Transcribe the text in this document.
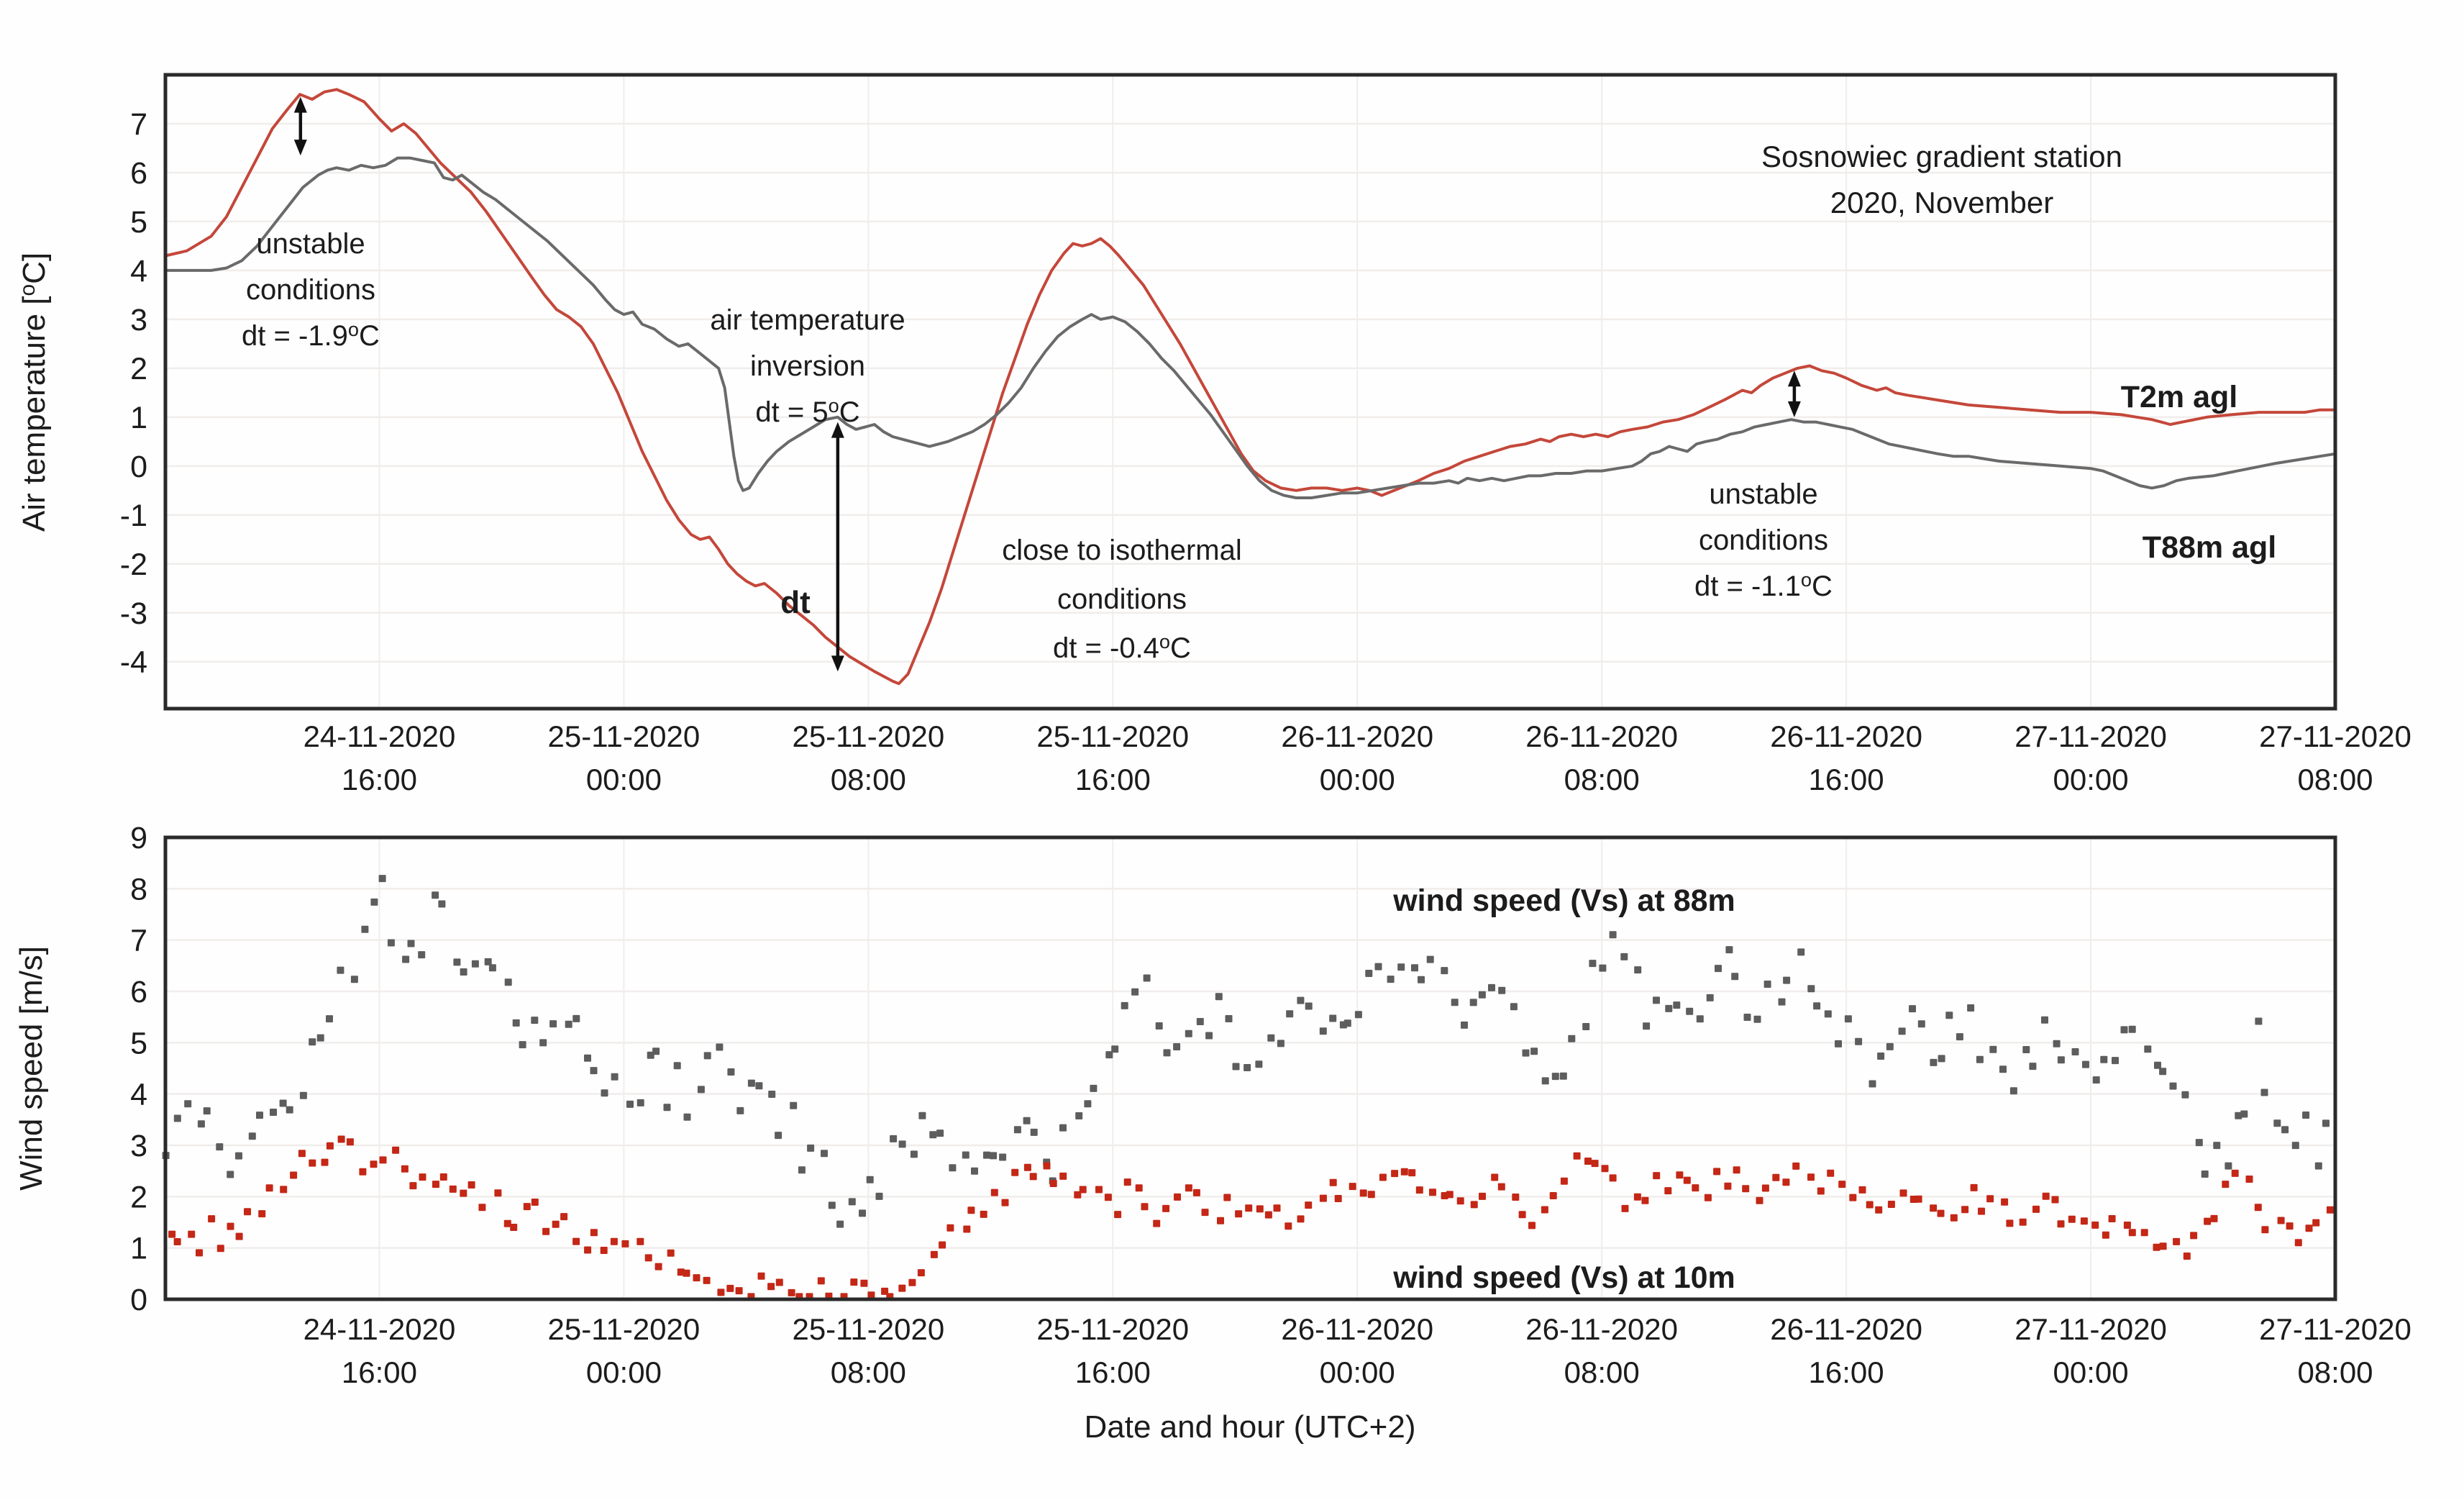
24-11-2020
16:00
25-11-2020
00:00
25-11-2020
08:00
25-11-2020
16:00
26-11-2020
00:00
26-11-2020
08:00
26-11-2020
16:00
27-11-2020
00:00
27-11-2020
08:00
-4
-3
-2
-1
0
1
2
3
4
5
6
7
24-11-2020
16:00
25-11-2020
00:00
25-11-2020
08:00
25-11-2020
16:00
26-11-2020
00:00
26-11-2020
08:00
26-11-2020
16:00
27-11-2020
00:00
27-11-2020
08:00
0
1
2
3
4
5
6
7
8
9
Air temperature [$^o$C]
Wind speed [m/s]
Date and hour (UTC+2)
Sosnowiec gradient station
2020, November
unstable
conditions
dt = $-1.9^oC$	air temperature
inversion
dt = $5^oC$
dt
close to isothermal
conditions
dt = $-0.4^oC$
unstable
conditions
dt = $-1.1^oC$
T2m agl
T88m agl
wind speed (Vs) at 88m
wind speed (Vs) at 10m
